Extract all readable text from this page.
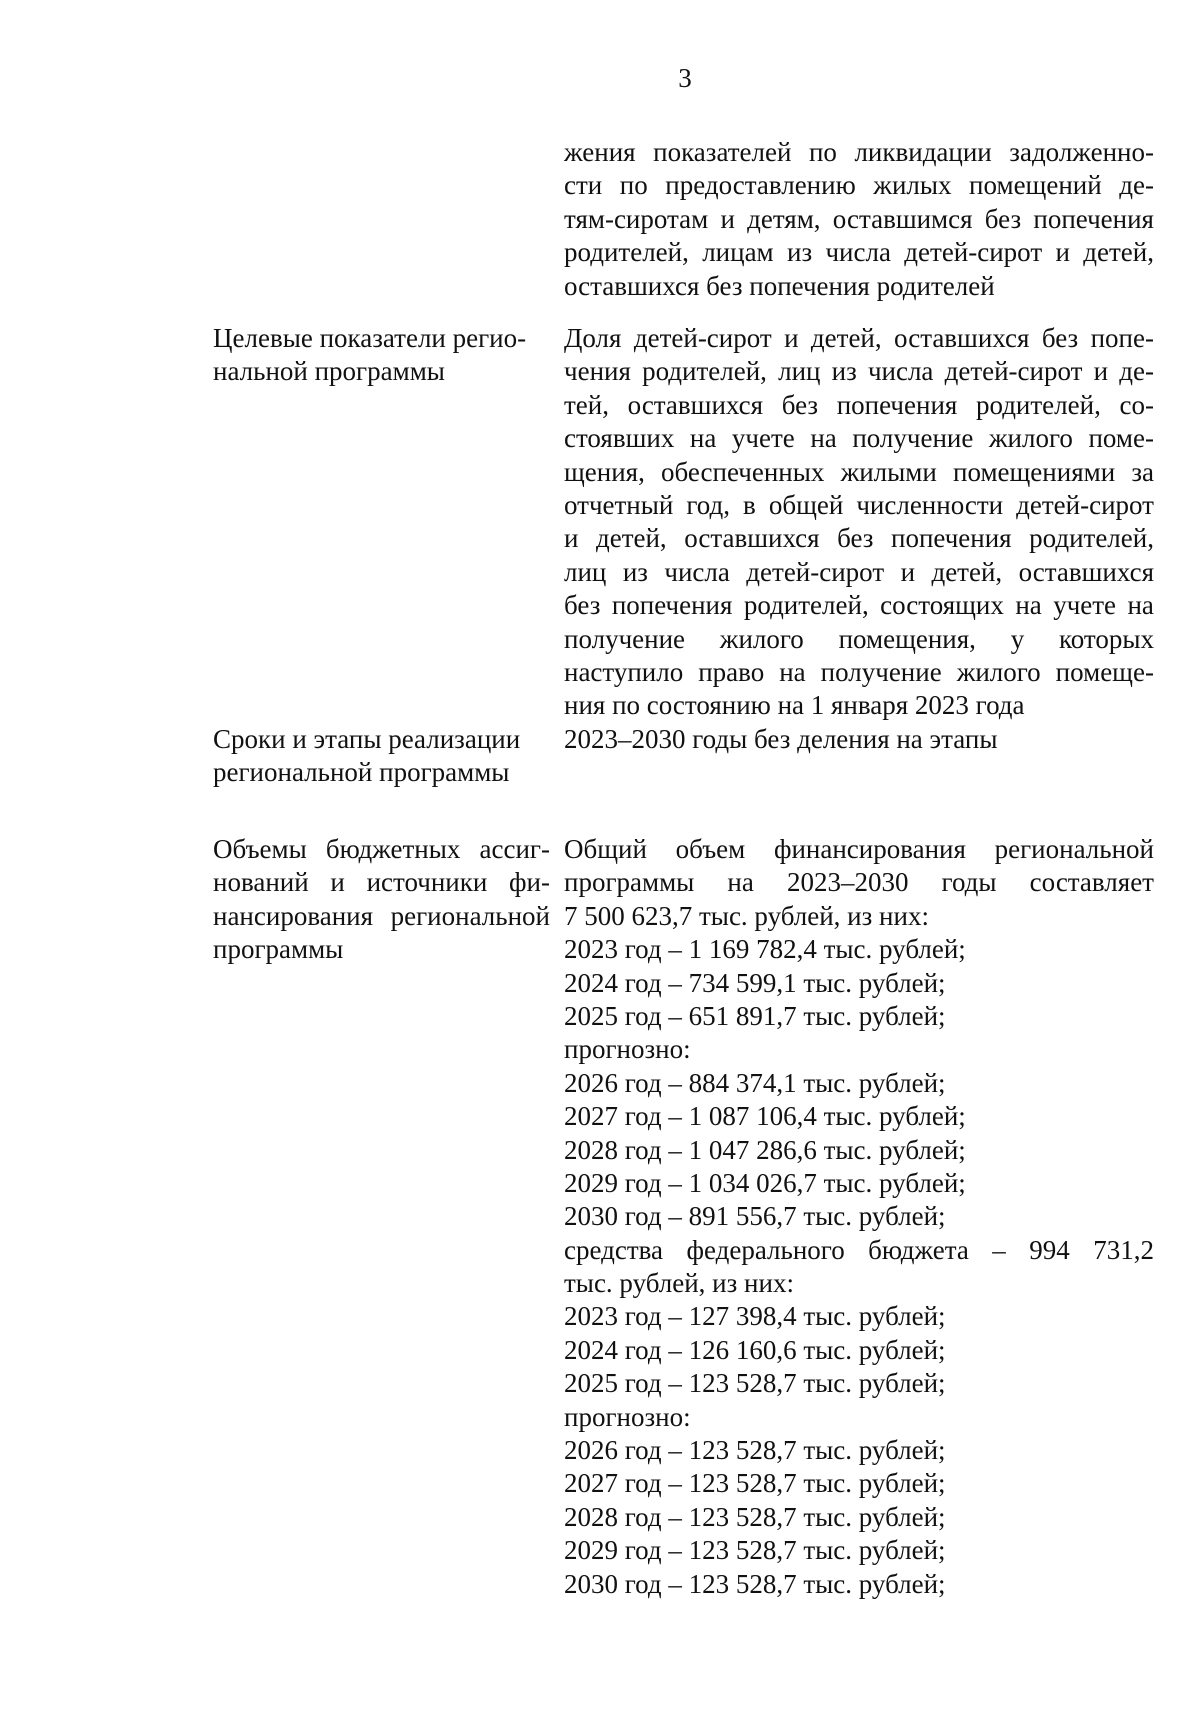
3
жения показателей по ликвидации задолженно-
сти по предоставлению жилых помещений де-
тям-сиротам и детям, оставшимся без попечения
родителей, лицам из числа детей-сирот и детей,
оставшихся без попечения родителей
Целевые показатели регио-
нальной программы
Доля детей-сирот и детей, оставшихся без попе-
чения родителей, лиц из числа детей-сирот и де-
тей, оставшихся без попечения родителей, со-
стоявших на учете на получение жилого поме-
щения, обеспеченных жилыми помещениями за
отчетный год, в общей численности детей-сирот
и детей, оставшихся без попечения родителей,
лиц из числа детей-сирот и детей, оставшихся
без попечения родителей, состоящих на учете на
получение жилого помещения, у которых
наступило право на получение жилого помеще-
ния по состоянию на 1 января 2023 года
Сроки и этапы реализации
региональной программы
2023–2030 годы без деления на этапы
Объемы бюджетных ассиг-
нований и источники фи-
нансирования региональной
программы
Общий объем финансирования региональной
программы на 2023–2030 годы составляет
7 500 623,7 тыс. рублей, из них:
2023 год – 1 169 782,4 тыс. рублей;
2024 год – 734 599,1 тыс. рублей;
2025 год – 651 891,7 тыс. рублей;
прогнозно:
2026 год – 884 374,1 тыс. рублей;
2027 год – 1 087 106,4 тыс. рублей;
2028 год – 1 047 286,6 тыс. рублей;
2029 год – 1 034 026,7 тыс. рублей;
2030 год – 891 556,7 тыс. рублей;
средства федерального бюджета – 994 731,2
тыс. рублей, из них:
2023 год – 127 398,4 тыс. рублей;
2024 год – 126 160,6 тыс. рублей;
2025 год – 123 528,7 тыс. рублей;
прогнозно:
2026 год – 123 528,7 тыс. рублей;
2027 год – 123 528,7 тыс. рублей;
2028 год – 123 528,7 тыс. рублей;
2029 год – 123 528,7 тыс. рублей;
2030 год – 123 528,7 тыс. рублей;
